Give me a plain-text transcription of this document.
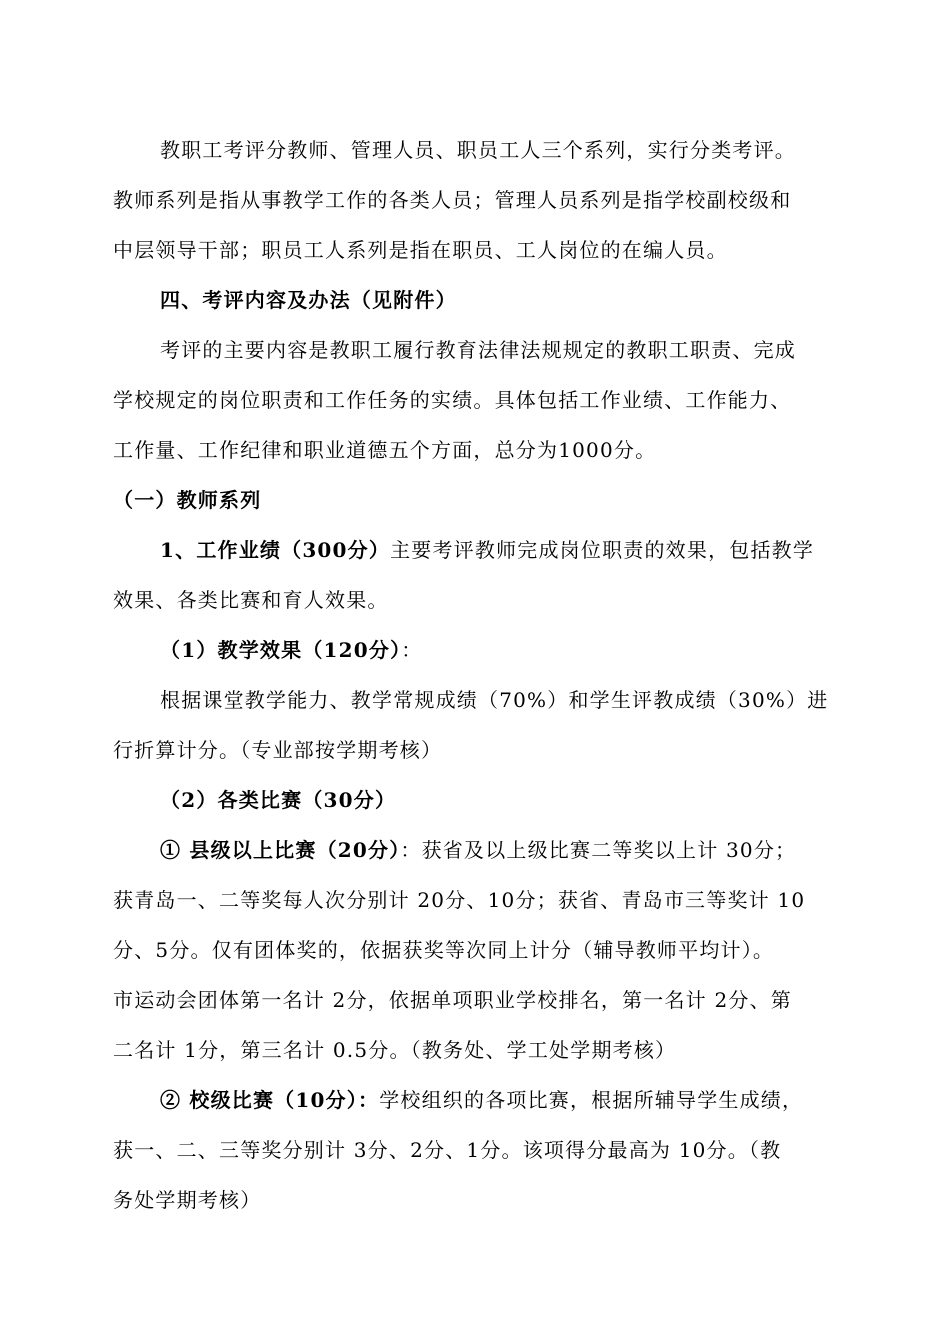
教职工考评分教师、管理人员、职员工人三个系列，实行分类考评。
教师系列是指从事教学工作的各类人员；管理人员系列是指学校副校级和
中层领导干部；职员工人系列是指在职员、工人岗位的在编人员。
四、考评内容及办法（见附件）
考评的主要内容是教职工履行教育法律法规规定的教职工职责、完成
学校规定的岗位职责和工作任务的实绩。具体包括工作业绩、工作能力、
工作量、工作纪律和职业道德五个方面，总分为1000分。
（一）教师系列
1、工作业绩（300分）主要考评教师完成岗位职责的效果，包括教学
效果、各类比赛和育人效果。
（1）教学效果（120分）：
根据课堂教学能力、教学常规成绩（70%）和学生评教成绩（30%）进
行折算计分。（专业部按学期考核）
（2）各类比赛（30分）
① 县级以上比赛（20分）：获省及以上级比赛二等奖以上计 30分；
获青岛一、二等奖每人次分别计 20分、10分；获省、青岛市三等奖计 10
分、5分。仅有团体奖的，依据获奖等次同上计分（辅导教师平均计）。
市运动会团体第一名计 2分，依据单项职业学校排名，第一名计 2分、第
二名计 1分，第三名计 0.5分。（教务处、学工处学期考核）
② 校级比赛（10分）：学校组织的各项比赛，根据所辅导学生成绩，
获一、二、三等奖分别计 3分、2分、1分。该项得分最高为 10分。（教
务处学期考核）
